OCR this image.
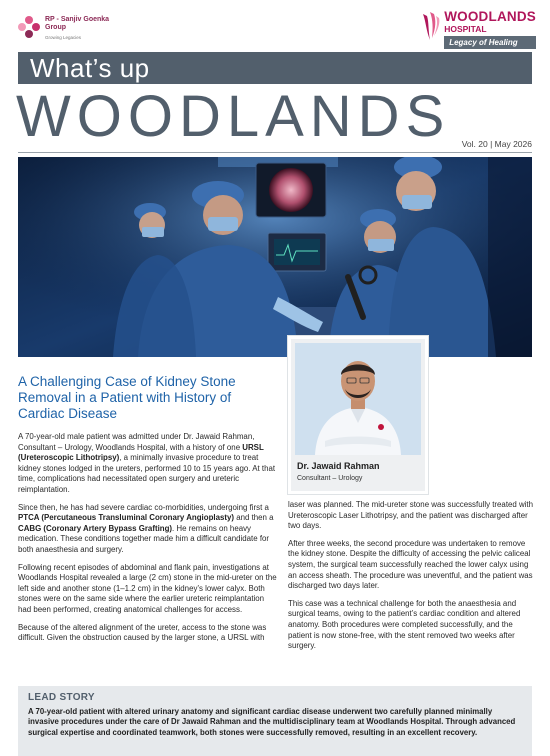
RP - Sanjiv Goenka
Group
Growing Legacies
WOODLANDS
HOSPITAL
Legacy of Healing
What’s up
WOODLANDS Vol. 20 | May 2026
Dr. Jawaid Rahman
Consultant – Urology
A Challenging Case of Kidney Stone Removal in a Patient with History of Cardiac Disease

A 70-year-old male patient was admitted under Dr. Jawaid Rahman, Consultant – Urology, Woodlands Hospital, with a history of one URSL (Ureteroscopic Lithotripsy), a minimally invasive procedure to treat kidney stones lodged in the ureters, performed 10 to 15 years ago. At that time, complications had necessitated open surgery and ureteric reimplantation.

Since then, he has had severe cardiac co-morbidities, undergoing first a PTCA (Percutaneous Transluminal Coronary Angioplasty) and then a CABG (Coronary Artery Bypass Grafting). He remains on heavy medication. These conditions together made him a difficult candidate for both anaesthesia and surgery.

Following recent episodes of abdominal and flank pain, investigations at Woodlands Hospital revealed a large (2 cm) stone in the mid-ureter on the left side and another stone (1–1.2 cm) in the kidney’s lower calyx. Both stones were on the same side where the earlier ureteric reimplantation had been performed, creating anatomical challenges for access.

Because of the altered alignment of the ureter, access to the stone was difficult. Given the obstruction caused by the larger stone, a URSL with

laser was planned. The mid-ureter stone was successfully treated with Ureteroscopic Laser Lithotripsy, and the patient was discharged after two days.

After three weeks, the second procedure was undertaken to remove the kidney stone. Despite the difficulty of accessing the pelvic caliceal system, the surgical team successfully reached the lower calyx using an access sheath. The procedure was uneventful, and the patient was discharged two days later.

This case was a technical challenge for both the anaesthesia and surgical teams, owing to the patient’s cardiac condition and altered anatomy. Both procedures were completed successfully, and the patient is now stone-free, with the stent removed two weeks after surgery.

LEAD STORY
A 70-year-old patient with altered urinary anatomy and significant cardiac disease underwent two carefully planned minimally invasive procedures under the care of Dr Jawaid Rahman and the multidisciplinary team at Woodlands Hospital. Through advanced surgical expertise and coordinated teamwork, both stones were successfully removed, resulting in an excellent recovery.
